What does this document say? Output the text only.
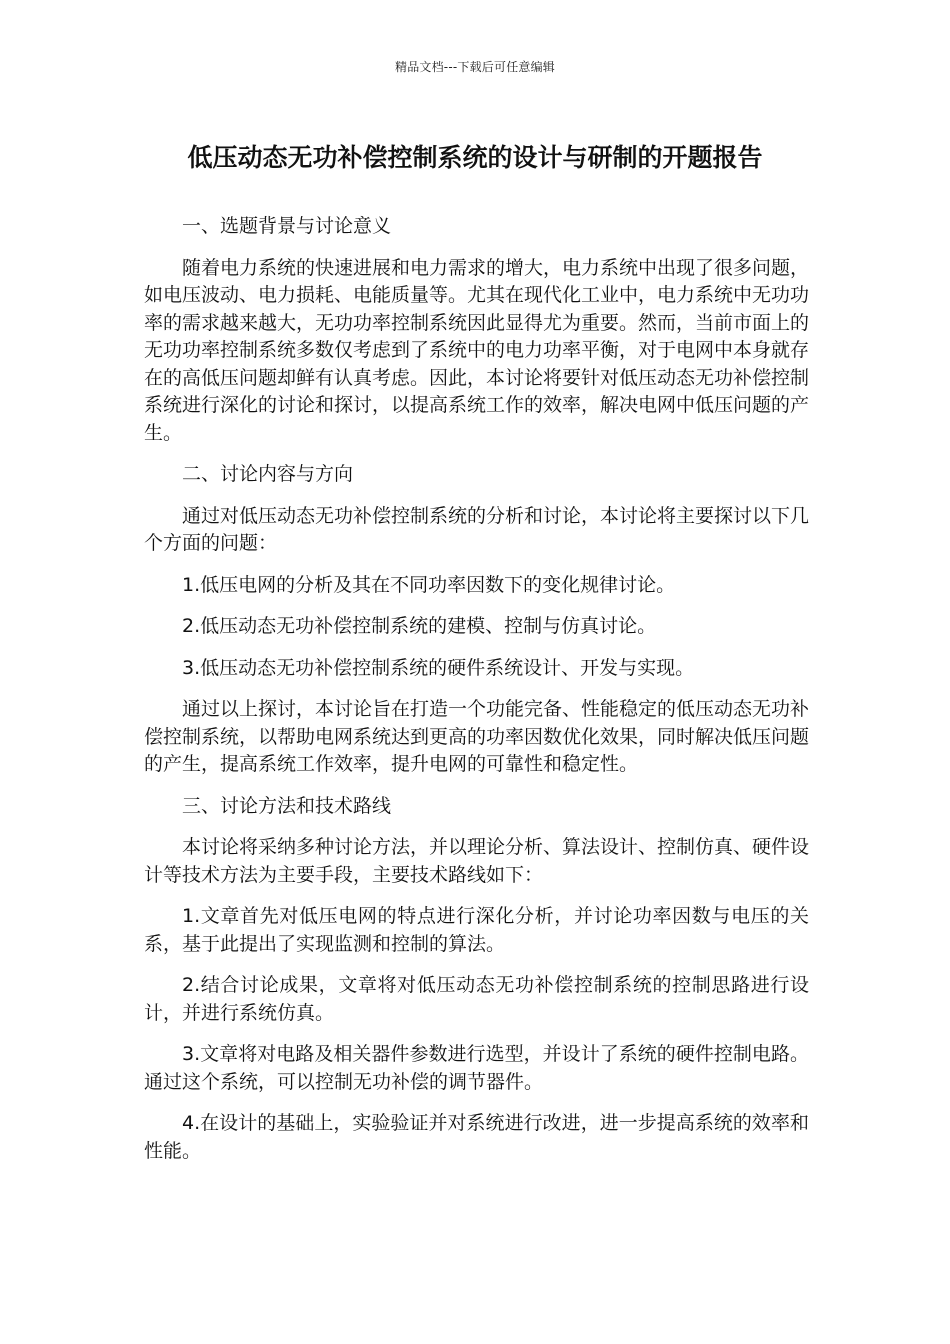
精品文档---下载后可任意编辑
低压动态无功补偿控制系统的设计与研制的开题报告

一、选题背景与讨论意义

随着电力系统的快速进展和电力需求的增大，电力系统中出现了很多问题，如电压波动、电力损耗、电能质量等。尤其在现代化工业中，电力系统中无功功率的需求越来越大，无功功率控制系统因此显得尤为重要。然而，当前市面上的无功功率控制系统多数仅考虑到了系统中的电力功率平衡，对于电网中本身就存在的高低压问题却鲜有认真考虑。因此，本讨论将要针对低压动态无功补偿控制系统进行深化的讨论和探讨，以提高系统工作的效率，解决电网中低压问题的产生。

二、讨论内容与方向

通过对低压动态无功补偿控制系统的分析和讨论，本讨论将主要探讨以下几个方面的问题：

1.低压电网的分析及其在不同功率因数下的变化规律讨论。

2.低压动态无功补偿控制系统的建模、控制与仿真讨论。

3.低压动态无功补偿控制系统的硬件系统设计、开发与实现。

通过以上探讨，本讨论旨在打造一个功能完备、性能稳定的低压动态无功补偿控制系统，以帮助电网系统达到更高的功率因数优化效果，同时解决低压问题的产生，提高系统工作效率，提升电网的可靠性和稳定性。

三、讨论方法和技术路线

本讨论将采纳多种讨论方法，并以理论分析、算法设计、控制仿真、硬件设计等技术方法为主要手段，主要技术路线如下：

1.文章首先对低压电网的特点进行深化分析，并讨论功率因数与电压的关系，基于此提出了实现监测和控制的算法。

2.结合讨论成果，文章将对低压动态无功补偿控制系统的控制思路进行设计，并进行系统仿真。

3.文章将对电路及相关器件参数进行选型，并设计了系统的硬件控制电路。通过这个系统，可以控制无功补偿的调节器件。

4.在设计的基础上，实验验证并对系统进行改进，进一步提高系统的效率和性能。
